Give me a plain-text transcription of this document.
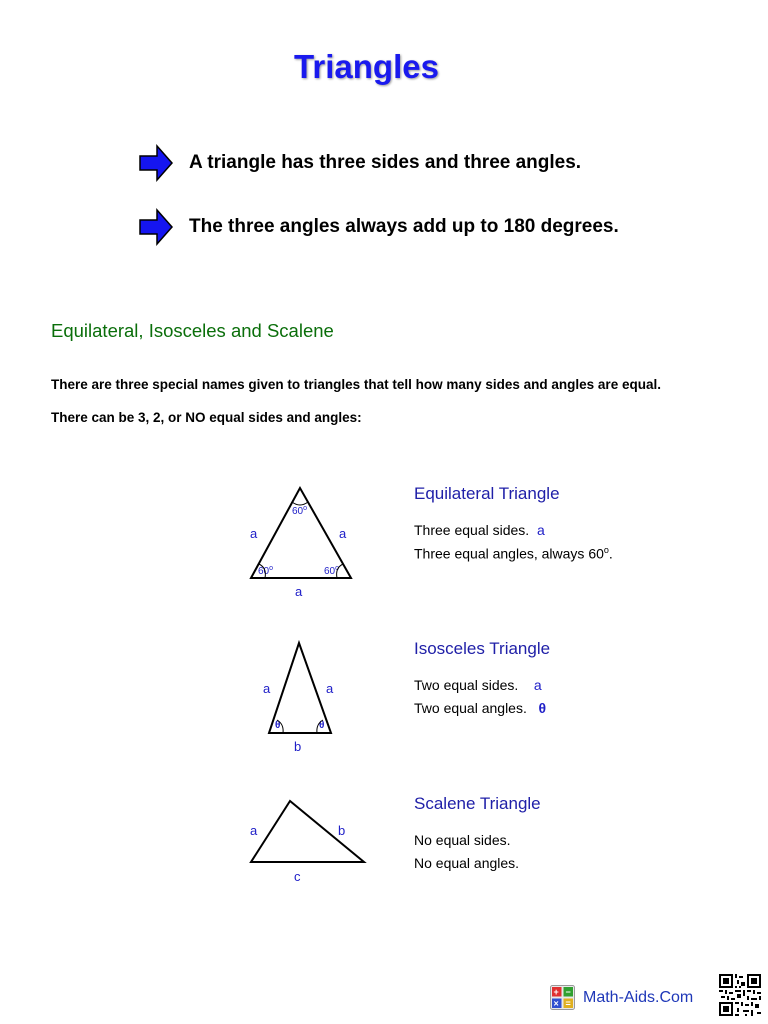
Triangles
A triangle has three sides and three angles.
The three angles always add up to 180 degrees.
Equilateral, Isosceles and Scalene
There are three special names given to triangles that tell how many sides and angles are equal.
There can be 3, 2, or NO equal sides and angles:
a	a
a
60$^o$
60$^o$	60$^o$
Equilateral Triangle
Three equal sides. a
Three equal angles, always 60$^o$.
a	a
b
θ	θ
Isosceles Triangle
Two equal sides. a
Two equal angles. θ
a	b
c
Scalene Triangle
No equal sides.
No equal angles.
+ −
× = Math-Aids.Com
